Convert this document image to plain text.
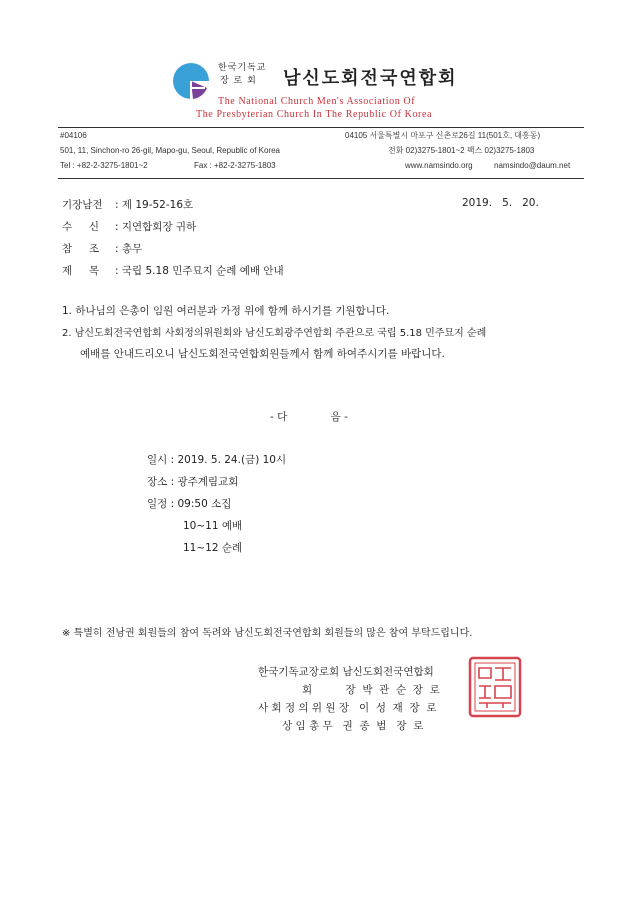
한국기독교
장 로 회 남신도회전국연합회
The National Church Men's Association Of
The Presbyterian Church In The Republic Of Korea
#04106
501, 11, Sinchon-ro 26-gil, Mapo-gu, Seoul, Republic of Korea
Tel : +82-2-3275-1801~2	Fax : +82-2-3275-1803
04105 서울특별시 마포구 신촌로26길 11(501호, 대흥동)
전화 02)3275-1801~2 팩스 02)3275-1803
www.namsindo.org	namsindo@daum.net
기장남전 : 제 19-52-16호	2019.   5.   20.
수     신 : 지연합회장 귀하
참     조 : 총무
제     목 : 국립 5.18 민주묘지 순례 예배 안내
1. 하나님의 은총이 임원 여러분과 가정 위에 함께 하시기를 기원합니다.
2. 남신도회전국연합회 사회정의위원회와 남신도회광주연합회 주관으로 국립 5.18 민주묘지 순례
예배를 안내드리오니 남신도회전국연합회원들께서 함께 하여주시기를 바랍니다.
- 다             음 -
일시 : 2019. 5. 24.(금) 10시
장소 : 광주계림교회
일정 : 09:50 소집
10~11 예배
11~12 순례
※ 특별히 전남권 회원들의 참여 독려와 남신도회전국연합회 회원들의 많은 참여 부탁드립니다.
한국기독교장로회 남신도회전국연합회
회          장  박  관  순  장  로
사 회 정 의 위 원 장   이  성  재  장  로
상 임 총 무   권  종  범   장  로
